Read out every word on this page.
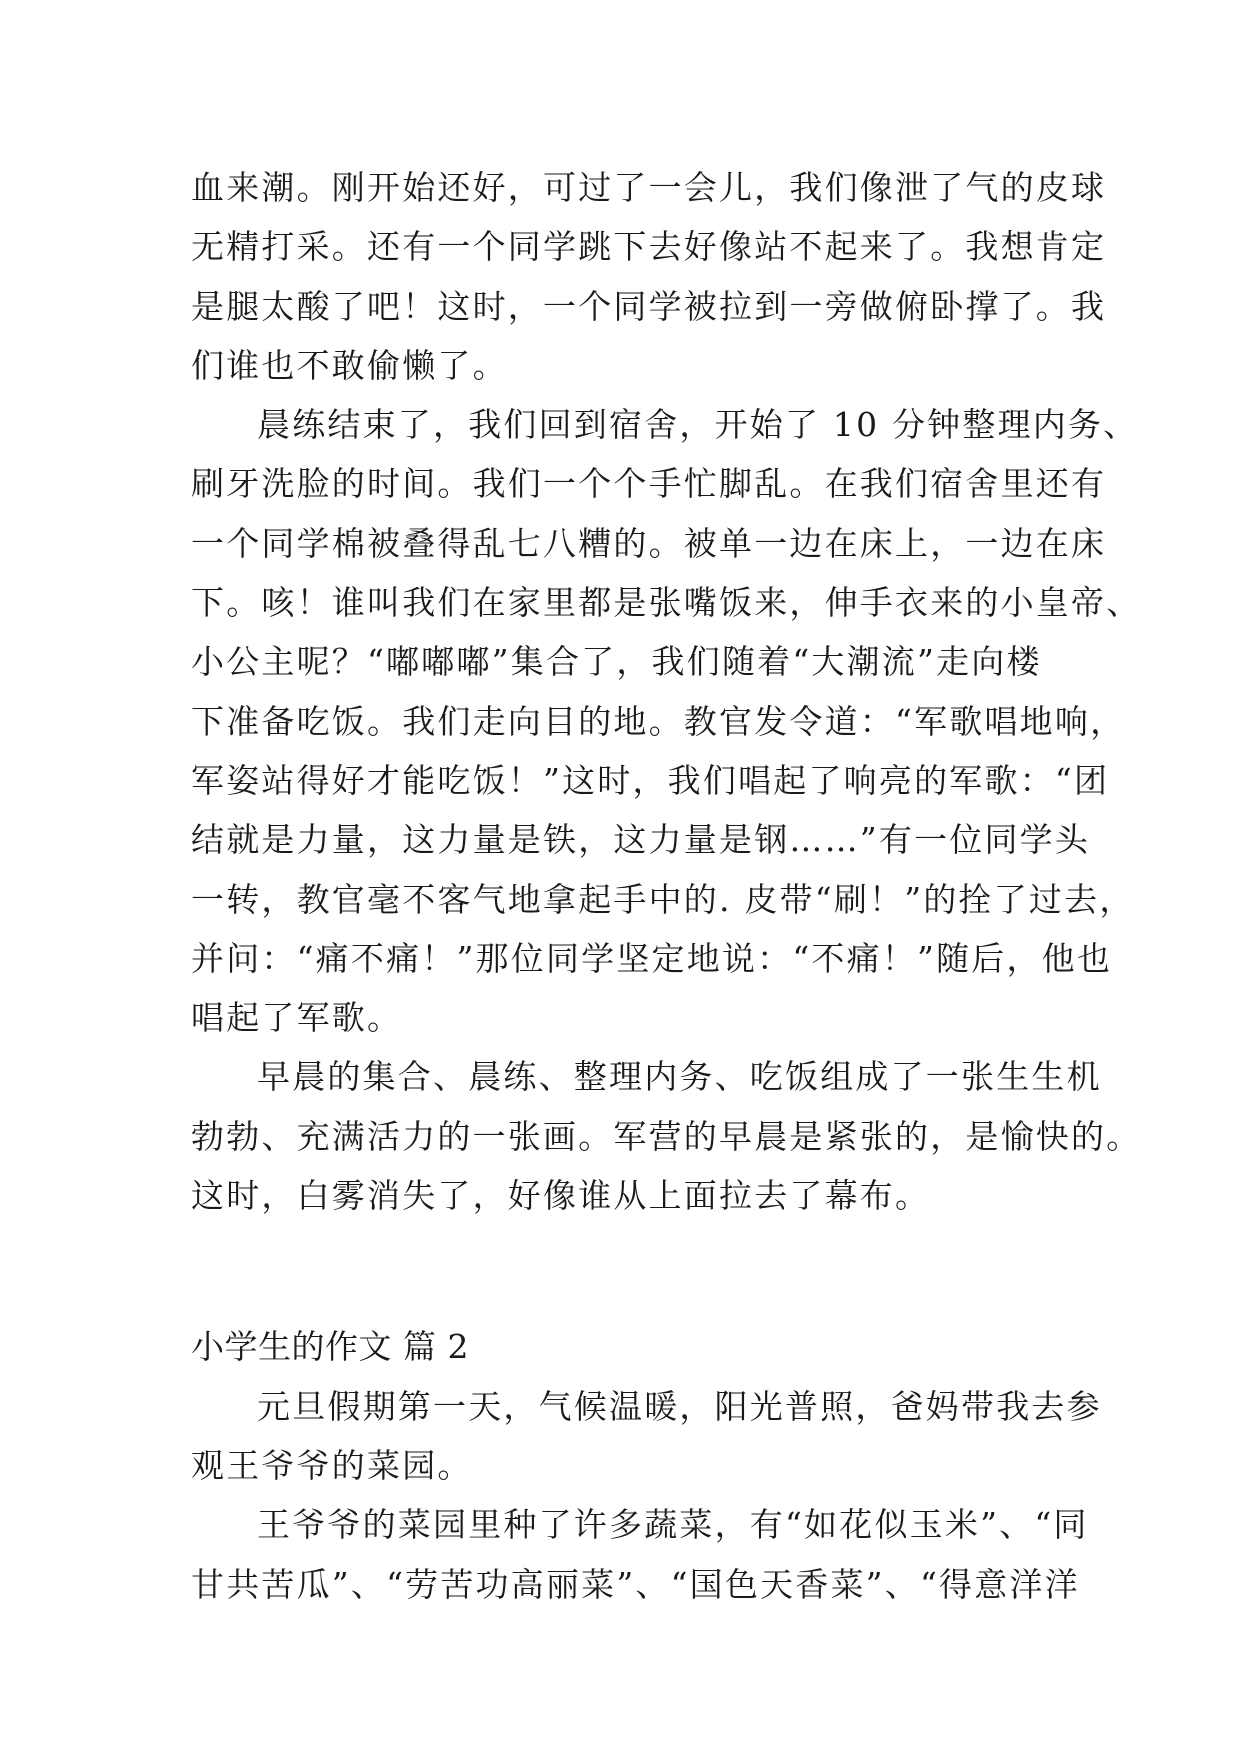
血来潮。刚开始还好，可过了一会儿，我们像泄了气的皮球
无精打采。还有一个同学跳下去好像站不起来了。我想肯定
是腿太酸了吧！这时，一个同学被拉到一旁做俯卧撑了。我
们谁也不敢偷懒了。
晨练结束了，我们回到宿舍，开始了 10 分钟整理内务、
刷牙洗脸的时间。我们一个个手忙脚乱。在我们宿舍里还有
一个同学棉被叠得乱七八糟的。被单一边在床上，一边在床
下。咳！谁叫我们在家里都是张嘴饭来，伸手衣来的小皇帝、
小公主呢？“嘟嘟嘟”集合了，我们随着“大潮流”走向楼
下准备吃饭。我们走向目的地。教官发令道：“军歌唱地响，
军姿站得好才能吃饭！”这时，我们唱起了响亮的军歌：“团
结就是力量，这力量是铁，这力量是钢……”有一位同学头
一转，教官毫不客气地拿起手中的. 皮带“刷！”的拴了过去，
并问：“痛不痛！”那位同学坚定地说：“不痛！”随后，他也
唱起了军歌。
早晨的集合、晨练、整理内务、吃饭组成了一张生生机
勃勃、充满活力的一张画。军营的早晨是紧张的，是愉快的。
这时，白雾消失了，好像谁从上面拉去了幕布。
小学生的作文 篇 2
元旦假期第一天，气候温暖，阳光普照，爸妈带我去参
观王爷爷的菜园。
王爷爷的菜园里种了许多蔬菜，有“如花似玉米”、“同
甘共苦瓜”、“劳苦功高丽菜”、“国色天香菜”、“得意洋洋
